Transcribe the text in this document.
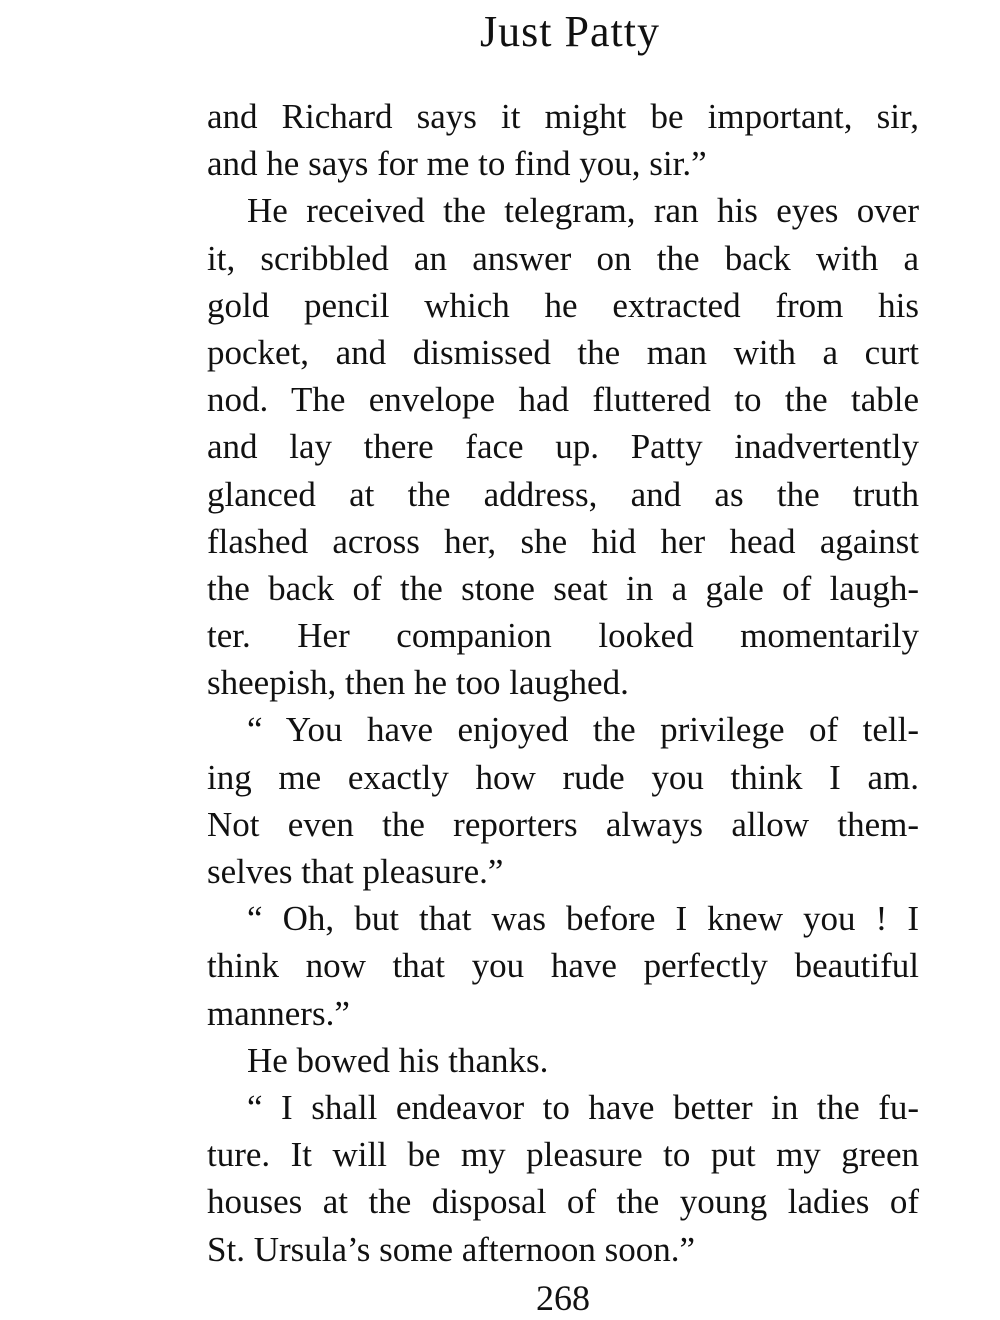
Just Patty
and Richard says it might be important, sir,
and he says for me to find you, sir.”
He received the telegram, ran his eyes over
it, scribbled an answer on the back with a
gold pencil which he extracted from his
pocket, and dismissed the man with a curt
nod. The envelope had fluttered to the table
and lay there face up. Patty inadvertently
glanced at the address, and as the truth
flashed across her, she hid her head against
the back of the stone seat in a gale of laugh-
ter. Her companion looked momentarily
sheepish, then he too laughed.
“ You have enjoyed the privilege of tell-
ing me exactly how rude you think I am.
Not even the reporters always allow them-
selves that pleasure.”
“ Oh, but that was before I knew you ! I
think now that you have perfectly beautiful
manners.”
He bowed his thanks.
“ I shall endeavor to have better in the fu-
ture. It will be my pleasure to put my green
houses at the disposal of the young ladies of
St. Ursula’s some afternoon soon.”
268
